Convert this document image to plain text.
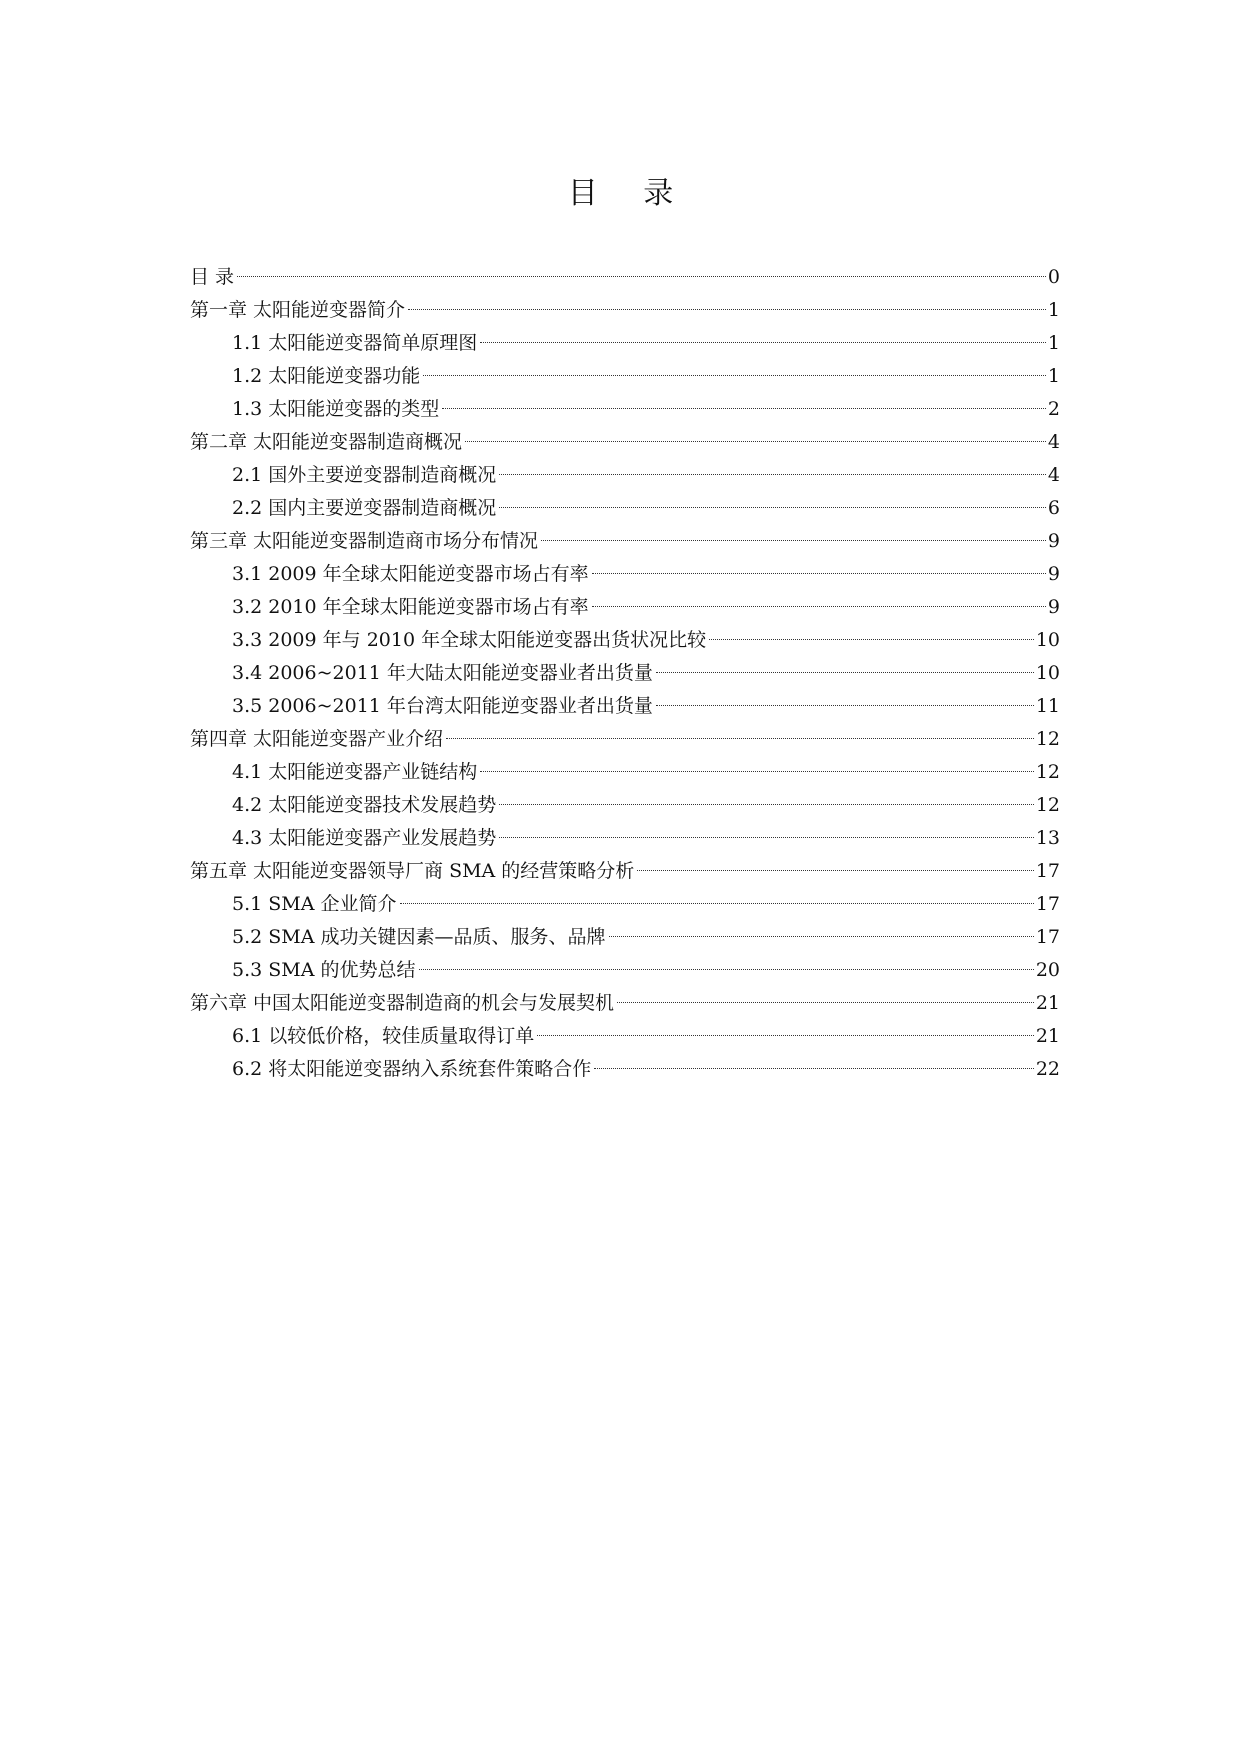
目 录
目 录	0
第一章 太阳能逆变器简介	1
1.1 太阳能逆变器简单原理图	1
1.2 太阳能逆变器功能	1
1.3 太阳能逆变器的类型	2
第二章 太阳能逆变器制造商概况	4
2.1 国外主要逆变器制造商概况	4
2.2 国内主要逆变器制造商概况	6
第三章 太阳能逆变器制造商市场分布情况	9
3.1 2009 年全球太阳能逆变器市场占有率	9
3.2 2010 年全球太阳能逆变器市场占有率	9
3.3 2009 年与 2010 年全球太阳能逆变器出货状况比较	10
3.4 2006~2011 年大陆太阳能逆变器业者出货量	10
3.5 2006~2011 年台湾太阳能逆变器业者出货量	11
第四章 太阳能逆变器产业介绍	12
4.1 太阳能逆变器产业链结构	12
4.2 太阳能逆变器技术发展趋势	12
4.3 太阳能逆变器产业发展趋势	13
第五章 太阳能逆变器领导厂商 SMA 的经营策略分析	17
5.1 SMA 企业简介	17
5.2 SMA 成功关键因素—品质、服务、品牌	17
5.3 SMA 的优势总结	20
第六章 中国太阳能逆变器制造商的机会与发展契机	21
6.1 以较低价格，较佳质量取得订单	21
6.2 将太阳能逆变器纳入系统套件策略合作	22
